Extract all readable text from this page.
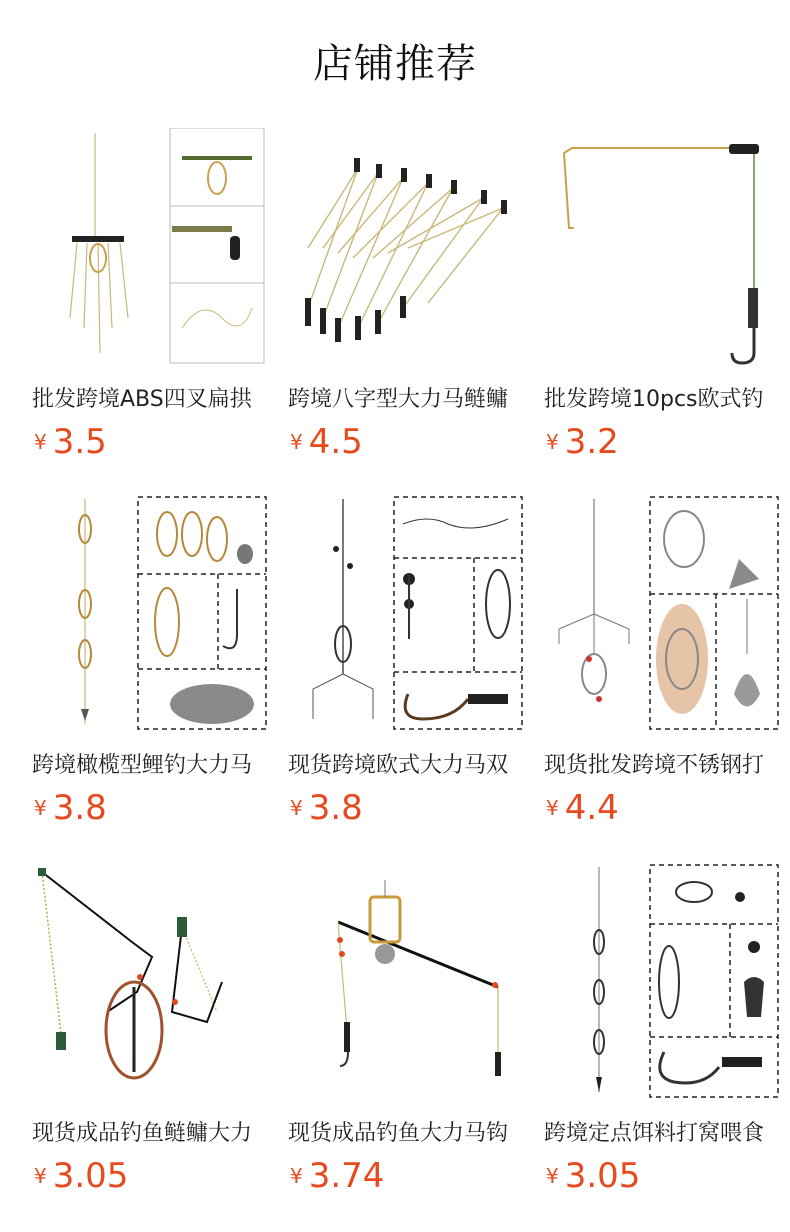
店铺推荐
批发跨境ABS四叉扁拱
¥ 3.5
跨境八字型大力马鲢鳙
¥ 4.5
批发跨境10pcs欧式钓
¥ 3.2
跨境橄榄型鲤钓大力马
¥ 3.8
现货跨境欧式大力马双
¥ 3.8
现货批发跨境不锈钢打
¥ 4.4
现货成品钓鱼鲢鳙大力
¥ 3.05
现货成品钓鱼大力马钩
¥ 3.74
跨境定点饵料打窝喂食
¥ 3.05
